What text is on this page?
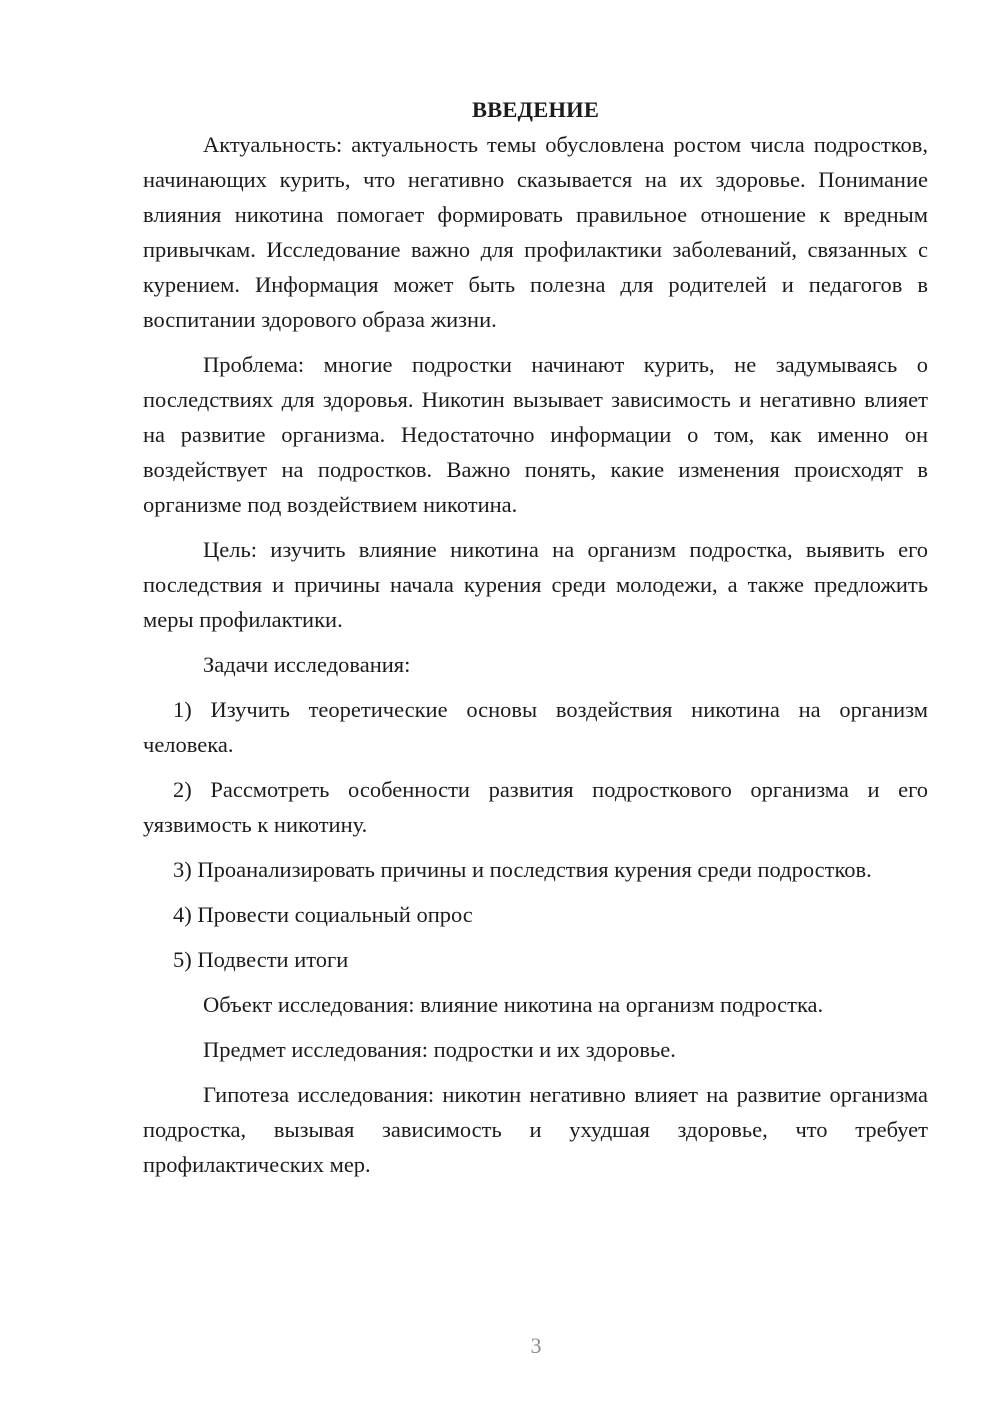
ВВЕДЕНИЕ

Актуальность: актуальность темы обусловлена ростом числа подростков, начинающих курить, что негативно сказывается на их здоровье. Понимание влияния никотина помогает формировать правильное отношение к вредным привычкам. Исследование важно для профилактики заболеваний, связанных с курением. Информация может быть полезна для родителей и педагогов в воспитании здорового образа жизни.

Проблема: многие подростки начинают курить, не задумываясь о последствиях для здоровья. Никотин вызывает зависимость и негативно влияет на развитие организма. Недостаточно информации о том, как именно он воздействует на подростков. Важно понять, какие изменения происходят в организме под воздействием никотина.

Цель: изучить влияние никотина на организм подростка, выявить его последствия и причины начала курения среди молодежи, а также предложить меры профилактики.

Задачи исследования:

1) Изучить теоретические основы воздействия никотина на организм человека.

2) Рассмотреть особенности развития подросткового организма и его уязвимость к никотину.

3) Проанализировать причины и последствия курения среди подростков.

4) Провести социальный опрос

5) Подвести итоги

Объект исследования: влияние никотина на организм подростка.

Предмет исследования: подростки и их здоровье.

Гипотеза исследования: никотин негативно влияет на развитие организма подростка, вызывая зависимость и ухудшая здоровье, что требует профилактических мер.

3
